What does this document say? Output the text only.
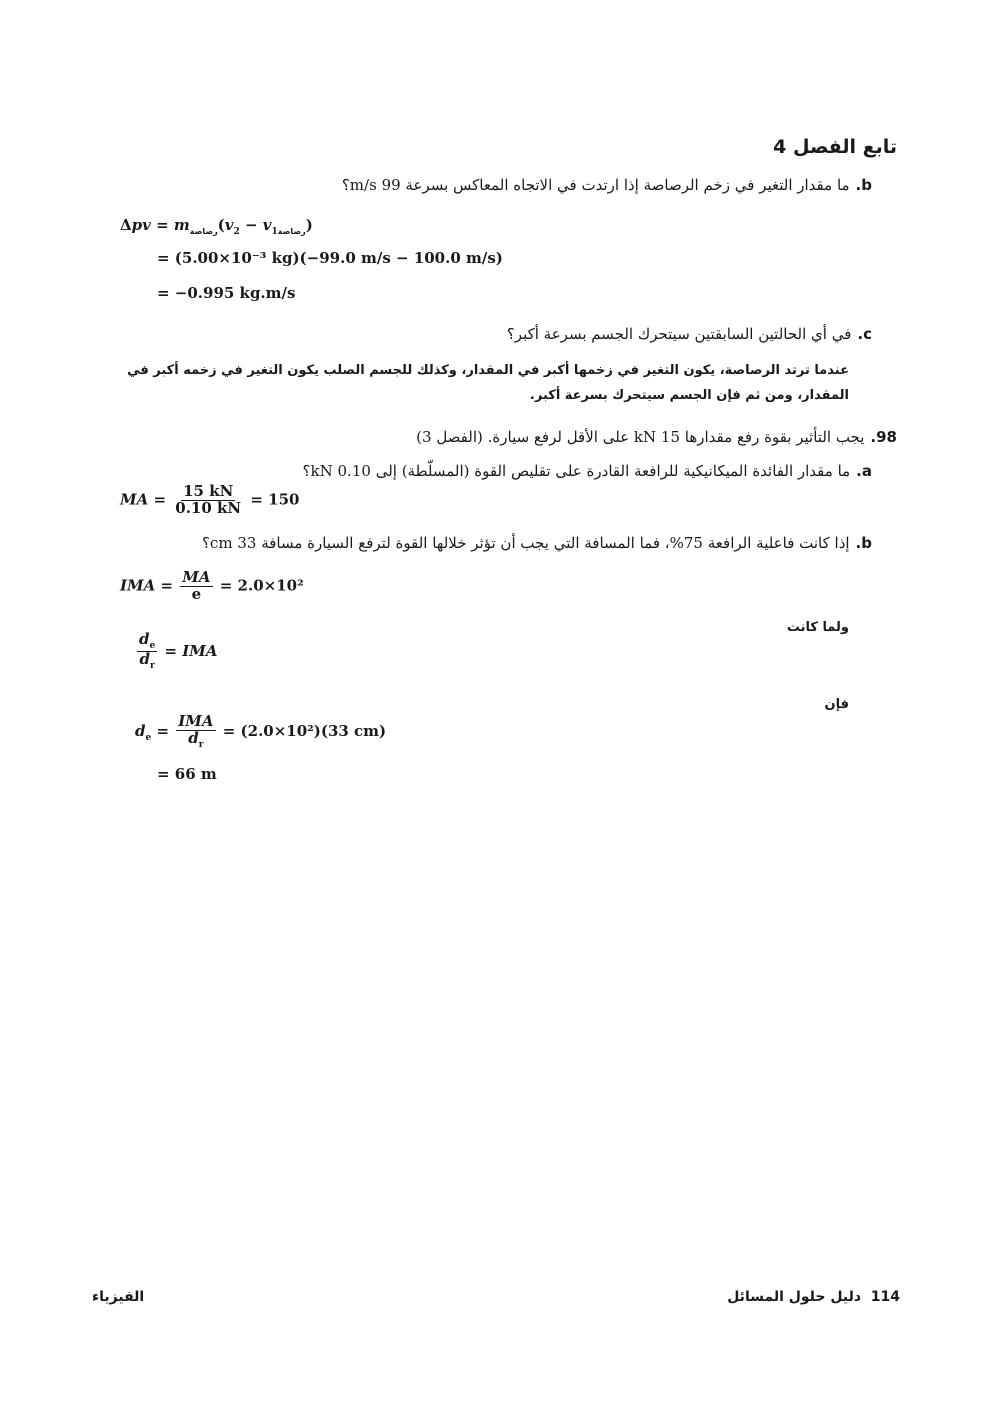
تابع الفصل 4
b.ما مقدار التغير في زخم الرصاصة إذا ارتدت في الاتجاه المعاكس بسرعة 99 m/s؟
$\Delta pv = m_{رصاصة}(v_2 - v_{1رصاصة})$
= (5.00×10⁻³ kg)(−99.0 m/s − 100.0 m/s)
= −0.995 kg.m/s
c.في أي الحالتين السابقتين سيتحرك الجسم بسرعة أكبر؟
عندما ترتد الرصاصة، يكون التغير في زخمها أكبر في المقدار، وكذلك للجسم الصلب يكون التغير في زخمه أكبر في المقدار، ومن ثم فإن الجسم سيتحرك بسرعة أكبر.
98.يجب التأثير بقوة رفع مقدارها 15 kN على الأقل لرفع سيارة. (الفصل 3)
a.ما مقدار الفائدة الميكانيكية للرافعة القادرة على تقليص القوة (المسلّطة) إلى 0.10 kN؟
MA = $\frac{15 kN}{0.10 kN} = 150$
b.إذا كانت فاعلية الرافعة 75%، فما المسافة التي يجب أن تؤثر خلالها القوة لترفع السيارة مسافة 33 cm؟
IMA = $\frac{MA}{e} = 2.0\times 10^2$
ولما كانت
$\frac{d_e}{d_r}$ = IMA
فإن
$d_e = \frac{\text{IMA}}{d_r} = (2.0\times 10^2)(33$ cm)
= 66 m
114  دليل حلول المسائل
الفيزياء
